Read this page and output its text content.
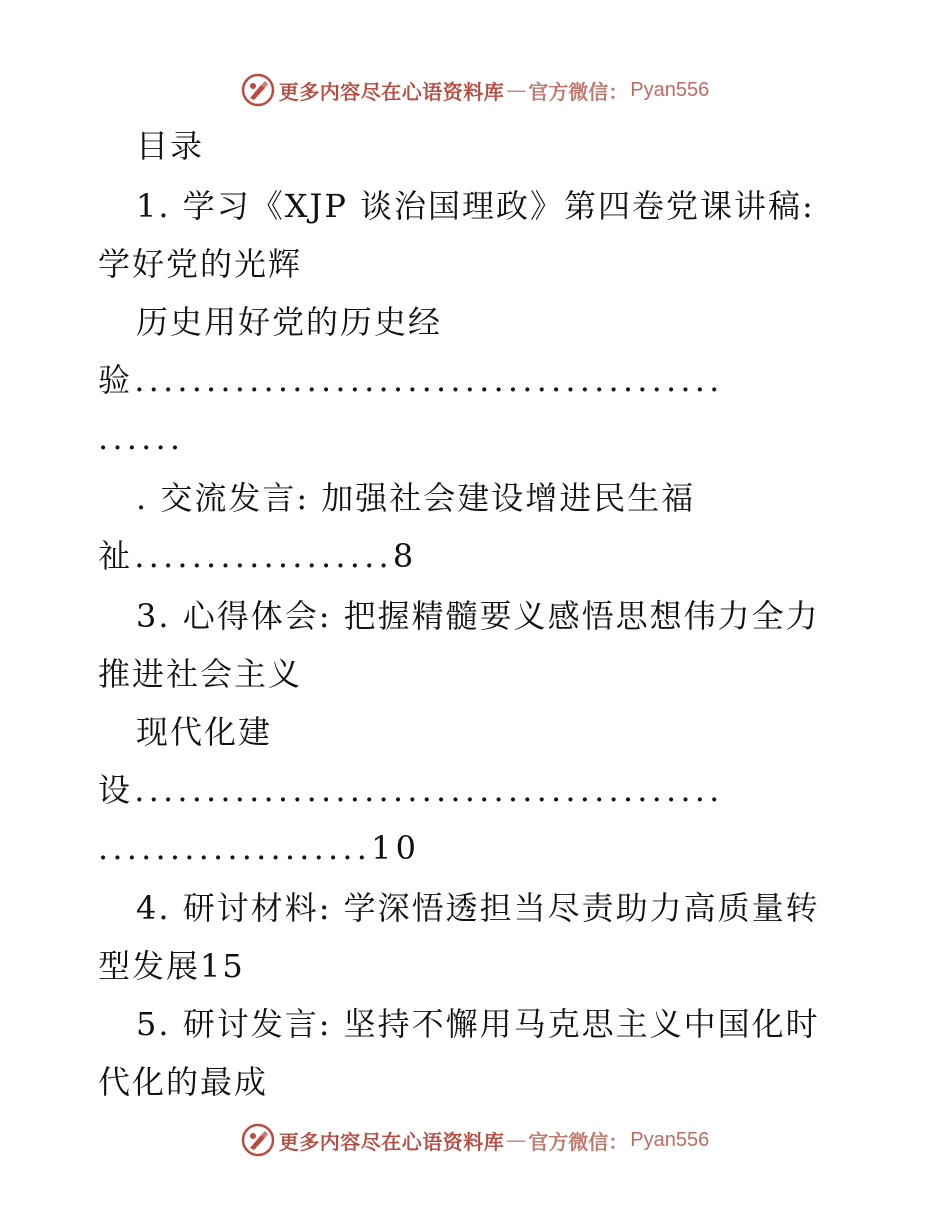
更多内容尽在心语资料库 — 官方微信： Pyan556
目录
1. 学习《XJP 谈治国理政》第四卷党课讲稿:
学好党的光辉
历史用好党的历史经
验.........................................
......
. 交流发言: 加强社会建设增进民生福
祉..................8
3. 心得体会: 把握精髓要义感悟思想伟力全力
推进社会主义
现代化建
设.........................................
...................10
4. 研讨材料: 学深悟透担当尽责助力高质量转
型发展15
5. 研讨发言: 坚持不懈用马克思主义中国化时
代化的最成
更多内容尽在心语资料库 — 官方微信： Pyan556
